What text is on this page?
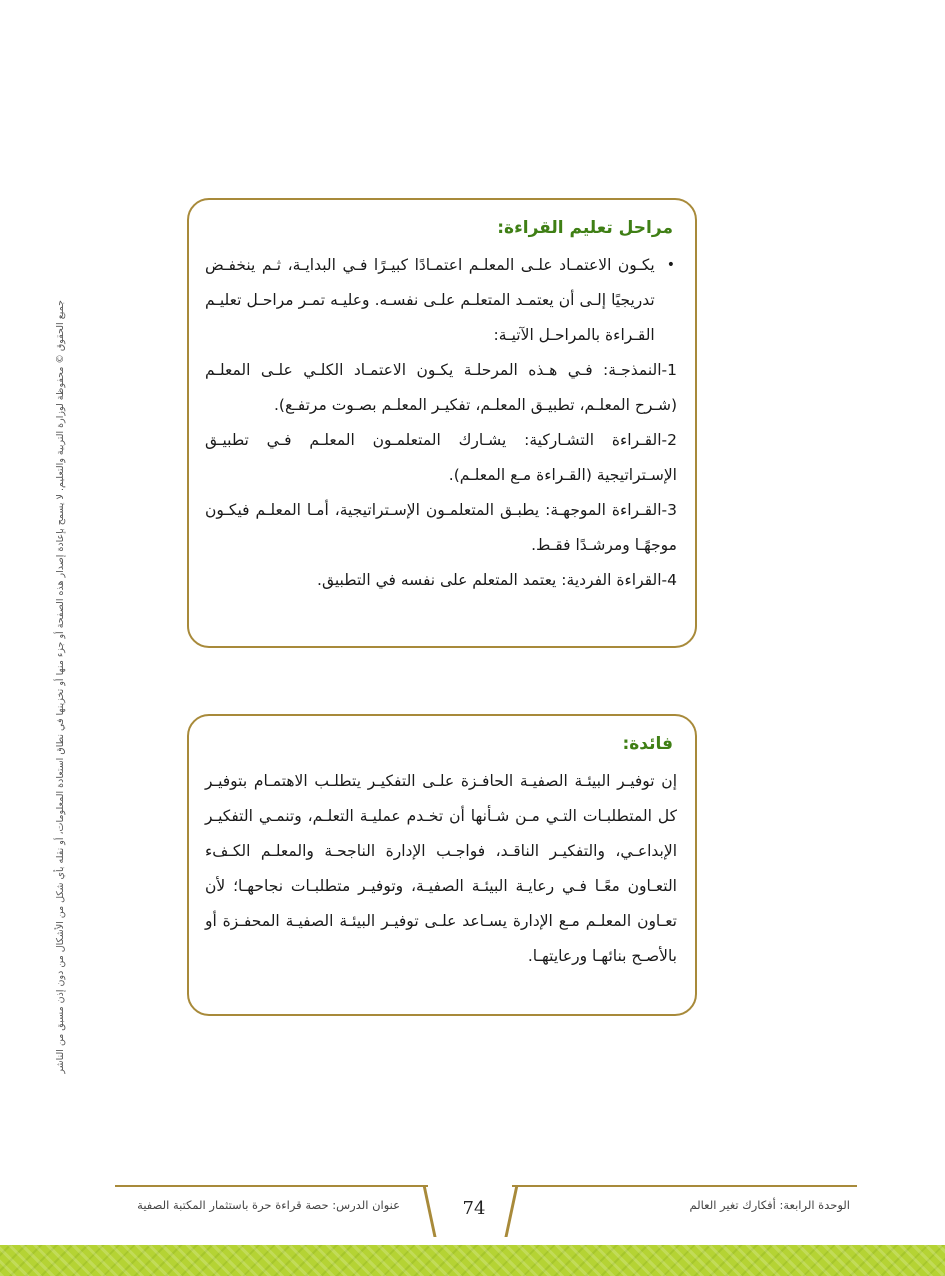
جميع الحقوق © محفوظة لوزارة التربية والتعليم. لا يسمح بإعادة إصدار هذه الصفحة أو جزء منها أو تخزينها في نطاق استعادة المعلومات، أو نقله بأي شكل من الأشكال من دون إذن مسبق من الناشر
مراحل تعليم القراءة:
•

يكـون الاعتمـاد علـى المعلـم اعتمـادًا كبيـرًا فـي البدايـة، ثـم ينخفـض تدريجيًا إلـى أن يعتمـد المتعلـم علـى نفسـه. وعليـه تمـر مراحـل تعليـم القـراءة بالمراحـل الآتيـة:

1-النمذجـة: فـي هـذه المرحلـة يكـون الاعتمـاد الكلـي علـى المعلـم (شـرح المعلـم، تطبيـق المعلـم، تفكيـر المعلـم بصـوت مرتفـع).

2-القـراءة التشـاركية: يشـارك المتعلمـون المعلـم فـي تطبيـق الإسـتراتيجية (القـراءة مـع المعلـم).

3-القـراءة الموجهـة: يطبـق المتعلمـون الإسـتراتيجية، أمـا المعلـم فيكـون موجهًـا ومرشـدًا فقـط.

4-القراءة الفردية: يعتمد المتعلم على نفسه في التطبيق.

فائدة:

إن توفيـر البيئـة الصفيـة الحافـزة علـى التفكيـر يتطلـب الاهتمـام بتوفيـر كل المتطلبـات التـي مـن شـأنها أن تخـدم عمليـة التعلـم، وتنمـي التفكيـر الإبداعـي، والتفكيـر الناقـد، فواجـب الإدارة الناجحـة والمعلـم الكـفء التعـاون معًـا فـي رعايـة البيئـة الصفيـة، وتوفيـر متطلبـات نجاحهـا؛ لأن تعـاون المعلـم مـع الإدارة يسـاعد علـى توفيـر البيئـة الصفيـة المحفـزة أو بالأصـح بنائهـا ورعايتهـا.

74
عنوان الدرس: حصة قراءة حرة باستثمار المكتبة الصفية	الوحدة الرابعة: أفكارك تغير العالم
